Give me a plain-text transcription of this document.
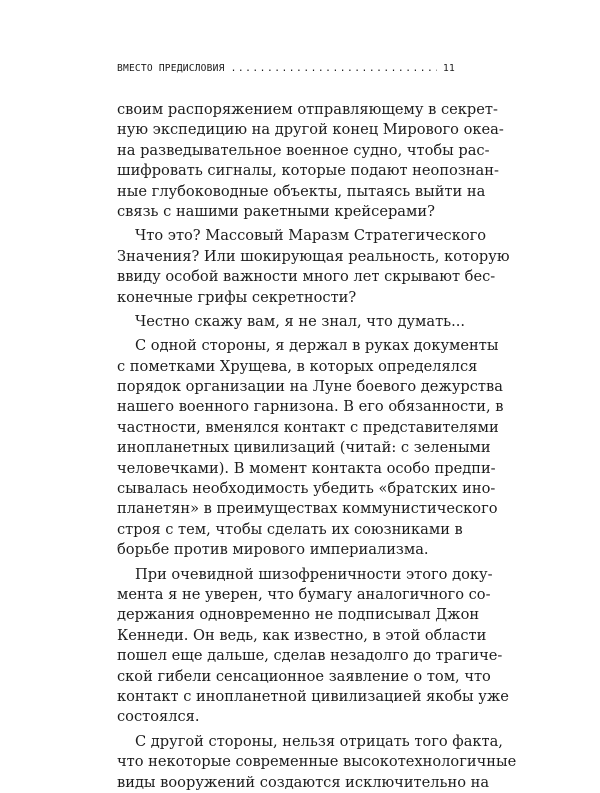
ВМЕСТО ПРЕДИСЛОВИЯ
.....	11
своим распоряжением отправляющему в секрет-
ную экспедицию на другой конец Мирового океа-
на разведывательное военное судно, чтобы рас-
шифровать сигналы, которые подают неопознан-
ные глубоководные объекты, пытаясь выйти на
связь с нашими ракетными крейсерами?
Что это? Массовый Маразм Стратегического
Значения? Или шокирующая реальность, которую
ввиду особой важности много лет скрывают бес-
конечные грифы секретности?
Честно скажу вам, я не знал, что думать...
С одной стороны, я держал в руках документы
с пометками Хрущева, в которых определялся
порядок организации на Луне боевого дежурства
нашего военного гарнизона. В его обязанности, в
частности, вменялся контакт с представителями
инопланетных цивилизаций (читай: с зелеными
человечками). В момент контакта особо предпи-
сывалась необходимость убедить «братских ино-
планетян» в преимуществах коммунистического
строя с тем, чтобы сделать их союзниками в
борьбе против мирового империализма.
При очевидной шизофреничности этого доку-
мента я не уверен, что бумагу аналогичного со-
держания одновременно не подписывал Джон
Кеннеди. Он ведь, как известно, в этой области
пошел еще дальше, сделав незадолго до трагиче-
ской гибели сенсационное заявление о том, что
контакт с инопланетной цивилизацией якобы уже
состоялся.
С другой стороны, нельзя отрицать того факта,
что некоторые современные высокотехнологичные
виды вооружений создаются исключительно на
